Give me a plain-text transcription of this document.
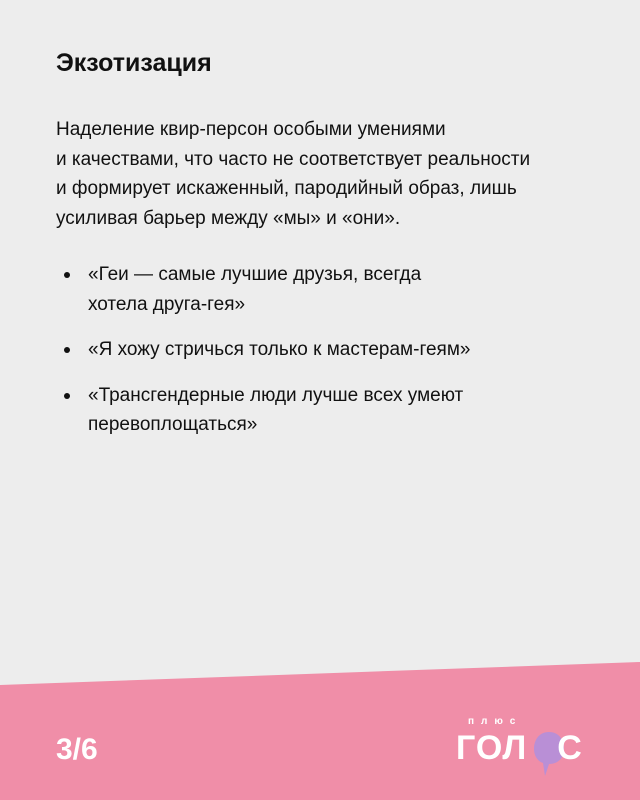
Экзотизация

Наделение квир-персон особыми умениями
и качествами, что часто не соответствует реальности
и формирует искаженный, пародийный образ, лишь
усиливая барьер между «мы» и «они».

«Геи — самые лучшие друзья, всегда
хотела друга-гея»
«Я хожу стричься только к мастерам-геям»
«Трансгендерные люди лучше всех умеют
перевоплощаться»
3/6
плюс
ГОЛ С
